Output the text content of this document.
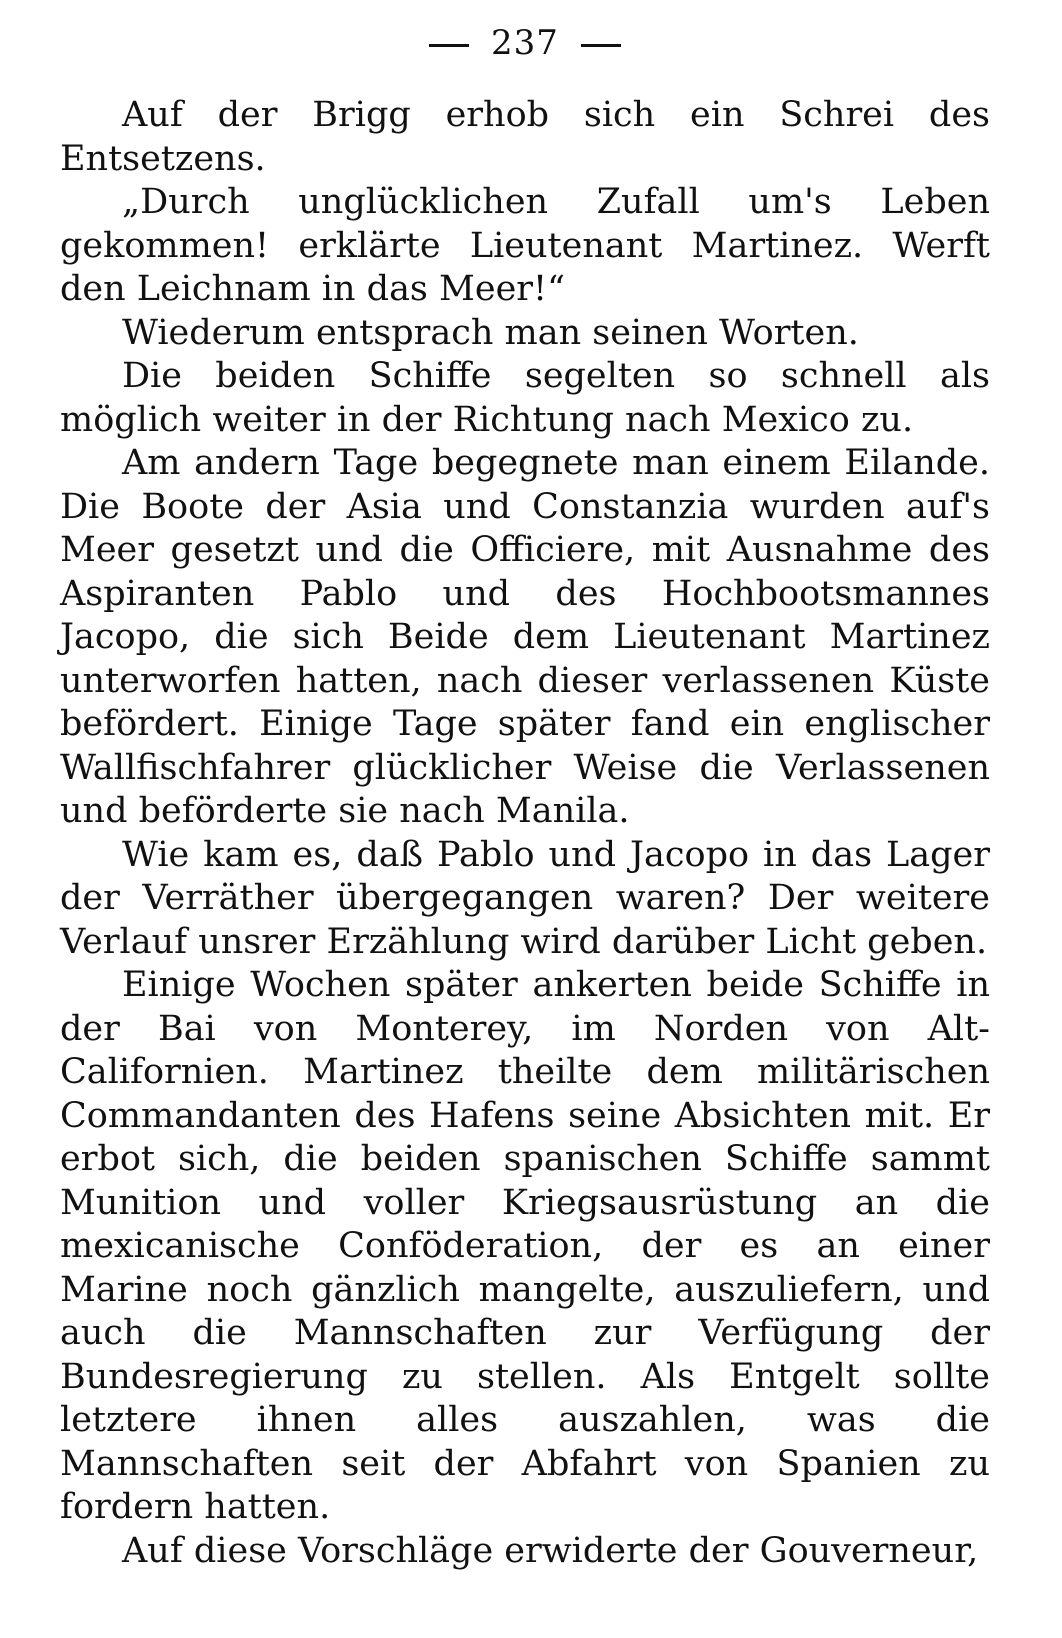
237

Auf der Brigg erhob sich ein Schrei des Entsetzens.

„Durch unglücklichen Zufall um's Leben gekommen! erklärte Lieutenant Martinez. Werft den Leichnam in das Meer!“

Wiederum entsprach man seinen Worten.

Die beiden Schiffe segelten so schnell als möglich weiter in der Richtung nach Mexico zu.

Am andern Tage begegnete man einem Eilande. Die Boote der Asia und Constanzia wurden auf's Meer gesetzt und die Officiere, mit Ausnahme des Aspiranten Pablo und des Hochbootsmannes Jacopo, die sich Beide dem Lieutenant Martinez unterworfen hatten, nach dieser verlassenen Küste befördert. Einige Tage später fand ein englischer Wallfischfahrer glücklicher Weise die Verlassenen und beförderte sie nach Manila.

Wie kam es, daß Pablo und Jacopo in das Lager der Verräther übergegangen waren? Der weitere Verlauf unsrer Erzählung wird darüber Licht geben.

Einige Wochen später ankerten beide Schiffe in der Bai von Monterey, im Norden von Alt-Californien. Martinez theilte dem militärischen Commandanten des Hafens seine Absichten mit. Er erbot sich, die beiden spanischen Schiffe sammt Munition und voller Kriegsausrüstung an die mexicanische Conföderation, der es an einer Marine noch gänzlich mangelte, auszuliefern, und auch die Mannschaften zur Verfügung der Bundesregierung zu stellen. Als Entgelt sollte letztere ihnen alles auszahlen, was die Mannschaften seit der Abfahrt von Spanien zu fordern hatten.

Auf diese Vorschläge erwiderte der Gouverneur,
